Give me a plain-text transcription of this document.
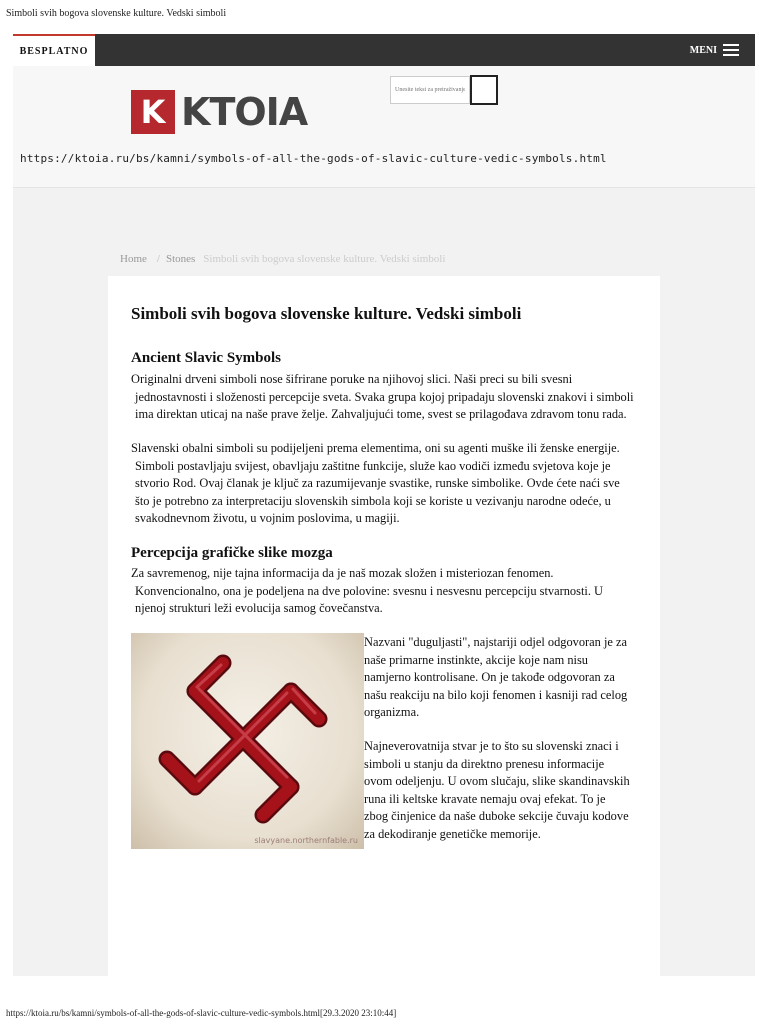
Simboli svih bogova slovenske kulture. Vedski simboli
BESPLATNO	MENI
K KTOIA
Unesite tekst za pretraživanje
https://ktoia.ru/bs/kamni/symbols-of-all-the-gods-of-slavic-culture-vedic-symbols.html
Home / Stones Simboli svih bogova slovenske kulture. Vedski simboli
Simboli svih bogova slovenske kulture. Vedski simboli
Ancient Slavic Symbols
Originalni drveni simboli nose šifrirane poruke na njihovoj slici. Naši preci su bili svesni
jednostavnosti i složenosti percepcije sveta. Svaka grupa kojoj pripadaju slovenski znakovi i simboli
ima direktan uticaj na naše prave želje. Zahvaljujući tome, svest se prilagođava zdravom tonu rada.
Slavenski obalni simboli su podijeljeni prema elementima, oni su agenti muške ili ženske energije.
Simboli postavljaju svijest, obavljaju zaštitne funkcije, služe kao vodiči između svjetova koje je
stvorio Rod. Ovaj članak je ključ za razumijevanje svastike, runske simbolike. Ovde ćete naći sve
što je potrebno za interpretaciju slovenskih simbola koji se koriste u vezivanju narodne odeće, u
svakodnevnom životu, u vojnim poslovima, u magiji.
Percepcija grafičke slike mozga
Za savremenog, nije tajna informacija da je naš mozak složen i misteriozan fenomen.
Konvencionalno, ona je podeljena na dve polovine: svesnu i nesvesnu percepciju stvarnosti. U
njenoj strukturi leži evolucija samog čovečanstva.
slavyane.northernfable.ru
Nazvani "duguljasti", najstariji odjel odgovoran je za
naše primarne instinkte, akcije koje nam nisu
namjerno kontrolisane. On je takođe odgovoran za
našu reakciju na bilo koji fenomen i kasniji rad celog
organizma.
Najneverovatnija stvar je to što su slovenski znaci i
simboli u stanju da direktno prenesu informacije
ovom odeljenju. U ovom slučaju, slike skandinavskih
runa ili keltske kravate nemaju ovaj efekat. To je
zbog činjenice da naše duboke sekcije čuvaju kodove
za dekodiranje genetičke memorije.
https://ktoia.ru/bs/kamni/symbols-of-all-the-gods-of-slavic-culture-vedic-symbols.html[29.3.2020 23:10:44]
